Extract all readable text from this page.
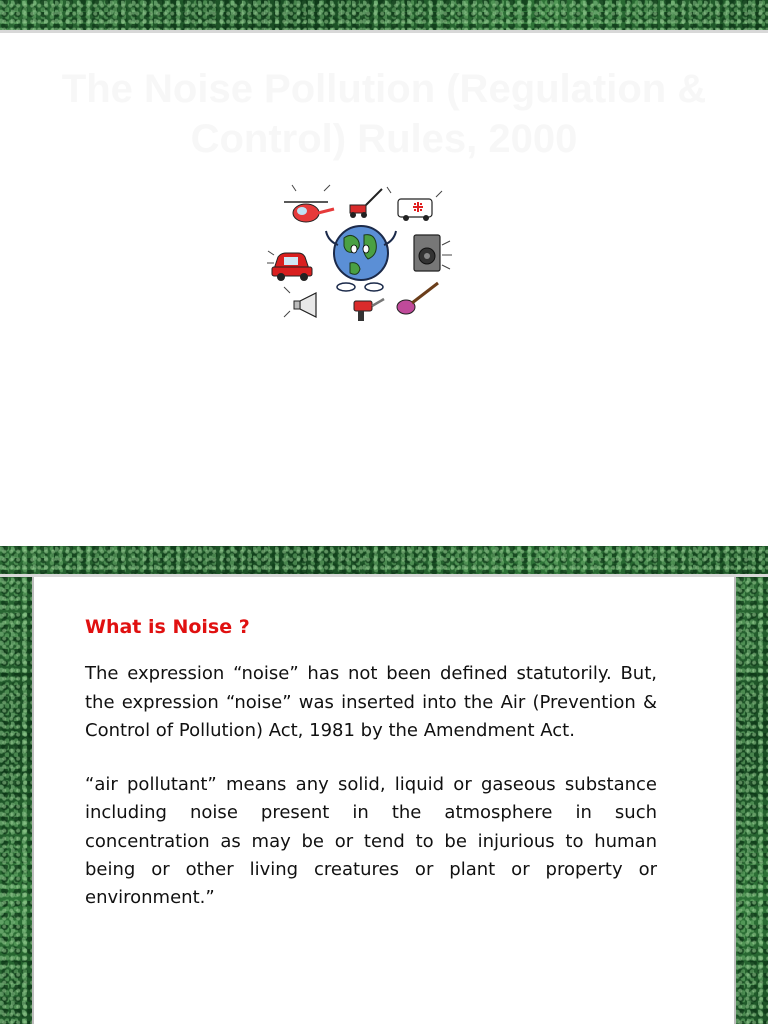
The Noise Pollution (Regulation & Control) Rules, 2000

What is Noise ?

The expression “noise” has not been defined statutorily. But, the expression “noise” was inserted into the Air (Prevention & Control of Pollution) Act, 1981 by the Amendment Act.

“air pollutant” means any solid, liquid or gaseous substance including noise present in the atmosphere in such concentration as may be or tend to be injurious to human being or other living creatures or plant or property or environment.”
